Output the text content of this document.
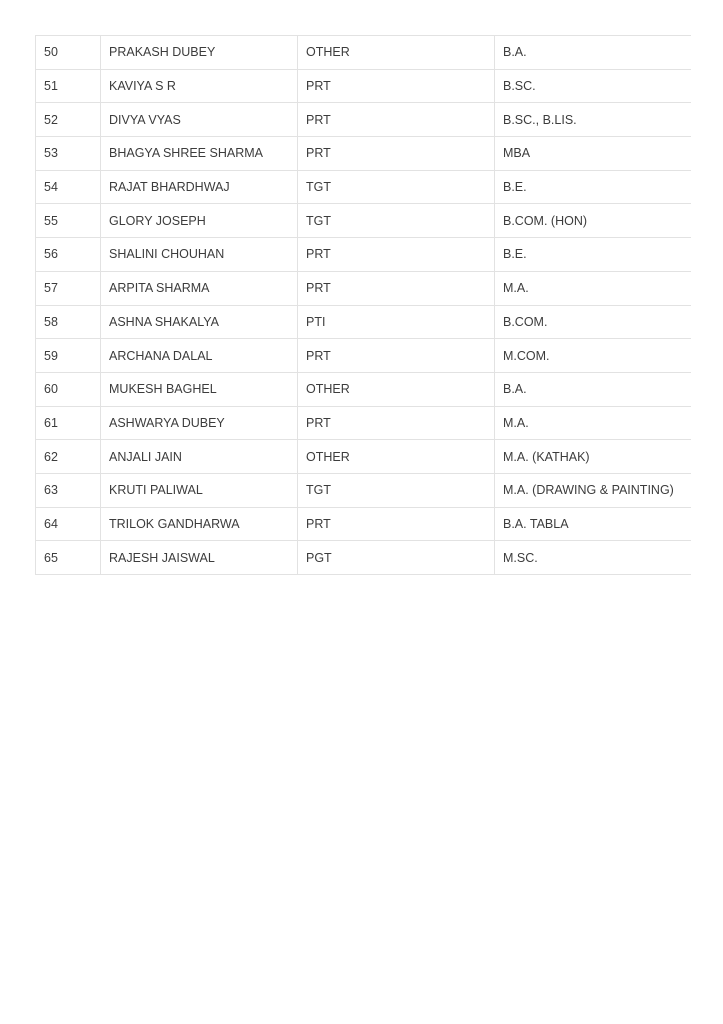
50	PRAKASH DUBEY	OTHER	B.A.
51	KAVIYA S R	PRT	B.SC.
52	DIVYA VYAS	PRT	B.SC., B.LIS.
53	BHAGYA SHREE SHARMA	PRT	MBA
54	RAJAT BHARDHWAJ	TGT	B.E.
55	GLORY JOSEPH	TGT	B.COM. (HON)
56	SHALINI CHOUHAN	PRT	B.E.
57	ARPITA SHARMA	PRT	M.A.
58	ASHNA SHAKALYA	PTI	B.COM.
59	ARCHANA DALAL	PRT	M.COM.
60	MUKESH BAGHEL	OTHER	B.A.
61	ASHWARYA DUBEY	PRT	M.A.
62	ANJALI JAIN	OTHER	M.A. (KATHAK)
63	KRUTI PALIWAL	TGT	M.A. (DRAWING & PAINTING)
64	TRILOK GANDHARWA	PRT	B.A. TABLA
65	RAJESH JAISWAL	PGT	M.SC.
